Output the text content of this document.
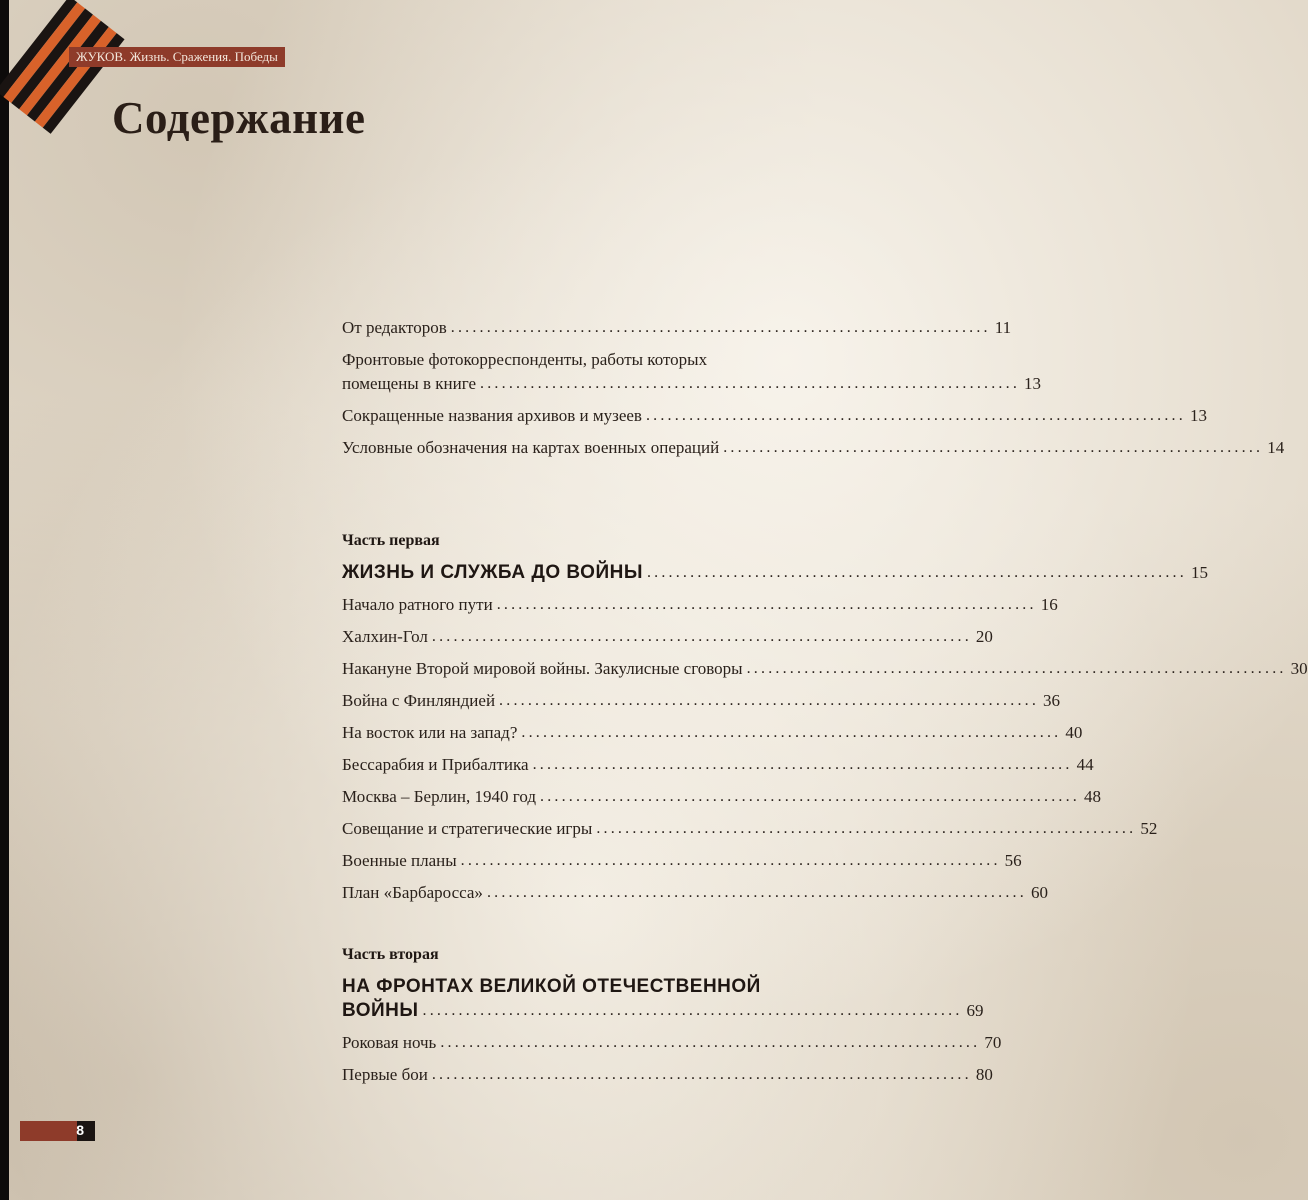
ЖУКОВ. Жизнь. Сражения. Победы
Содержание
От редакторов ........................................................................... 11
Фронтовые фотокорреспонденты, работы которых
помещены в книге ........................................................................... 13
Сокращенные названия архивов и музеев ........................................................................... 13
Условные обозначения на картах военных операций ........................................................................... 14
Часть первая
ЖИЗНЬ И СЛУЖБА ДО ВОЙНЫ ........................................................................... 15
Начало ратного пути ........................................................................... 16
Халхин-Гол ........................................................................... 20
Накануне Второй мировой войны. Закулисные сговоры ........................................................................... 30
Война с Финляндией ........................................................................... 36
На восток или на запад? ........................................................................... 40
Бессарабия и Прибалтика ........................................................................... 44
Москва – Берлин, 1940 год ........................................................................... 48
Совещание и стратегические игры ........................................................................... 52
Военные планы ........................................................................... 56
План «Барбаросса» ........................................................................... 60
Часть вторая
НА ФРОНТАХ ВЕЛИКОЙ ОТЕЧЕСТВЕННОЙ
ВОЙНЫ ........................................................................... 69
Роковая ночь ........................................................................... 70
Первые бои ........................................................................... 80
8
